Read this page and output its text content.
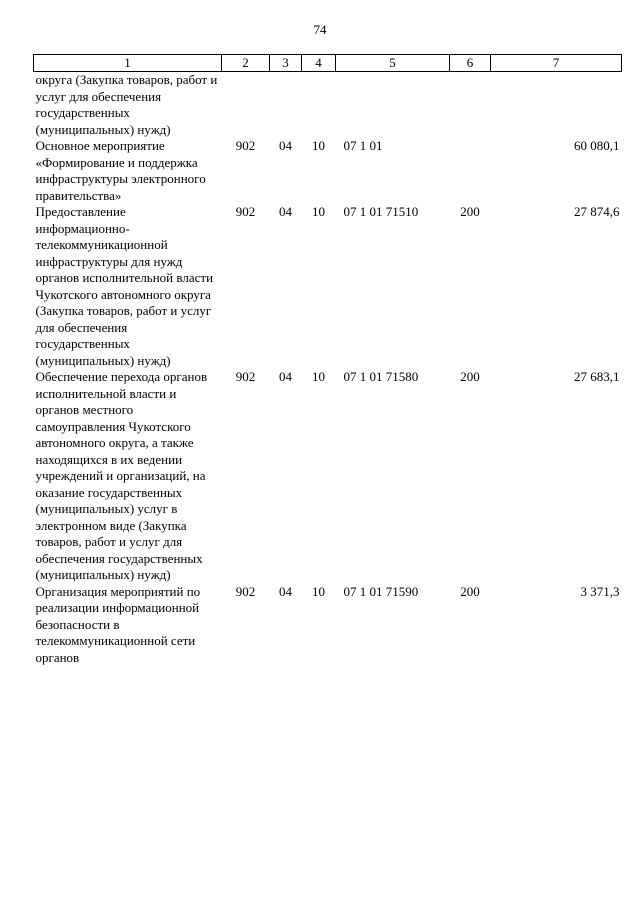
74
1	2	3	4	5	6	7
округа (Закупка товаров, работ и услуг для обеспечения государственных (муниципальных) нужд)						
Основное мероприятие «Формирование и поддержка инфраструктуры электронного правительства»	902	04	10	07 1 01		60 080,1
Предоставление информационно-телекоммуникационной инфраструктуры для нужд органов исполнительной власти Чукотского автономного округа (Закупка товаров, работ и услуг для обеспечения государственных (муниципальных) нужд)	902	04	10	07 1 01 71510	200	27 874,6
Обеспечение перехода органов исполнительной власти и органов местного самоуправления Чукотского автономного округа, а также находящихся в их ведении учреждений и организаций, на оказание государственных (муниципальных) услуг в электронном виде (Закупка товаров, работ и услуг для обеспечения государственных (муниципальных) нужд)	902	04	10	07 1 01 71580	200	27 683,1
Организация мероприятий по реализации информационной безопасности в телекоммуникационной сети органов	902	04	10	07 1 01 71590	200	3 371,3
